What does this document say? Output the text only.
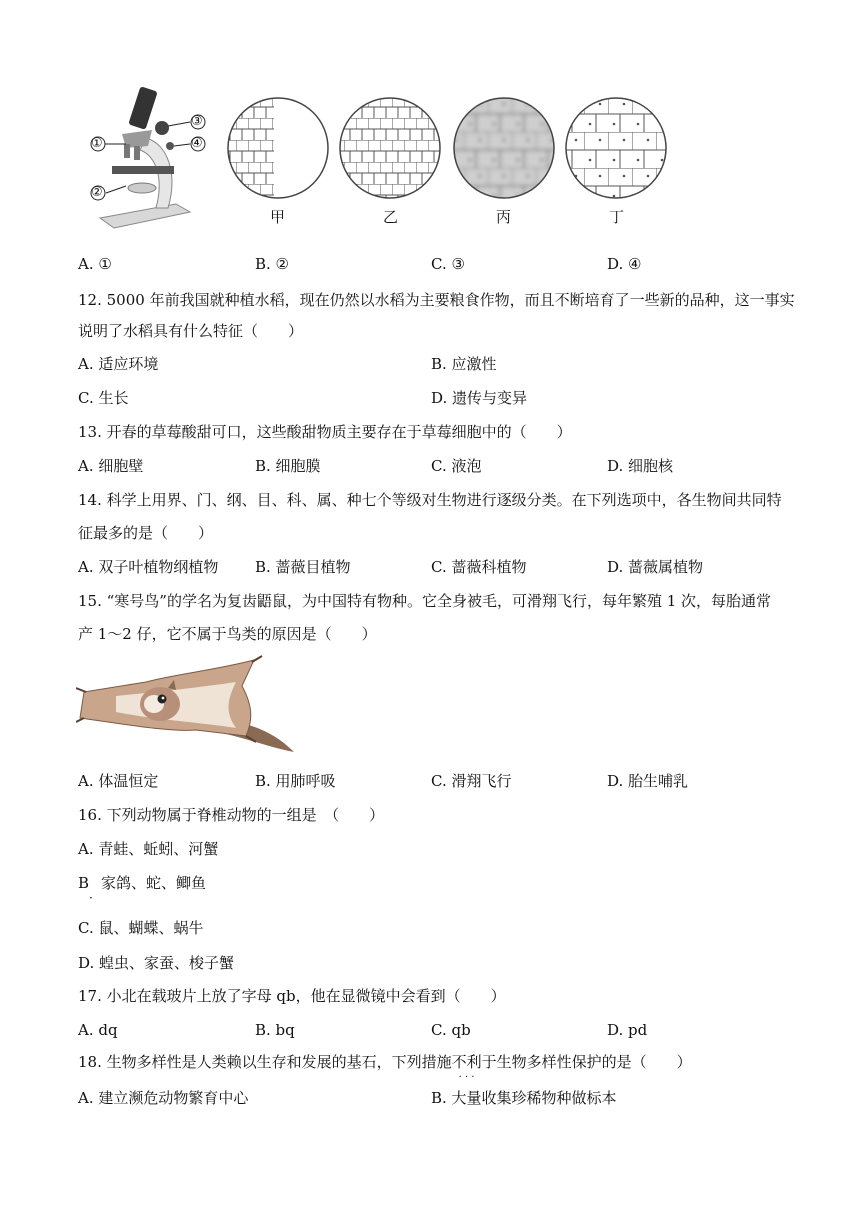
①
②
③
④
甲	乙	丙	丁
A. ①	B. ②	C. ③	D. ④
12. 5000 年前我国就种植水稻，现在仍然以水稻为主要粮食作物，而且不断培育了一些新的品种，这一事实
说明了水稻具有什么特征（　　）
A. 适应环境	B. 应激性
C. 生长	D. 遗传与变异
13. 开春的草莓酸甜可口，这些酸甜物质主要存在于草莓细胞中的（　　）
A. 细胞壁	B. 细胞膜	C. 液泡	D. 细胞核
14. 科学上用界、门、纲、目、科、属、种七个等级对生物进行逐级分类。在下列选项中，各生物间共同特
征最多的是（　　）
A. 双子叶植物纲植物 B. 蔷薇目植物	C. 蔷薇科植物	D. 蔷薇属植物
15. “寒号鸟”的学名为复齿鼯鼠，为中国特有物种。它全身被毛，可滑翔飞行，每年繁殖 1 次，每胎通常
产 1～2 仔，它不属于鸟类的原因是（　　）
A. 体温恒定	B. 用肺呼吸	C. 滑翔飞行	D. 胎生哺乳
16. 下列动物属于脊椎动物的一组是　（　　）
A. 青蛙、蚯蚓、河蟹
B
·
家鸽、蛇、鲫鱼
C. 鼠、蝴蝶、蜗牛
D. 蝗虫、家蚕、梭子蟹
17. 小北在载玻片上放了字母 qb，他在显微镜中会看到（　　）
A. dq	B. bq	C. qb	D. pd
18. 生物多样性是人类赖以生存和发展的基石，下列措施不利于
· · ·
生物多样性保护的是（　　）
A. 建立濒危动物繁育中心	B. 大量收集珍稀物种做标本
